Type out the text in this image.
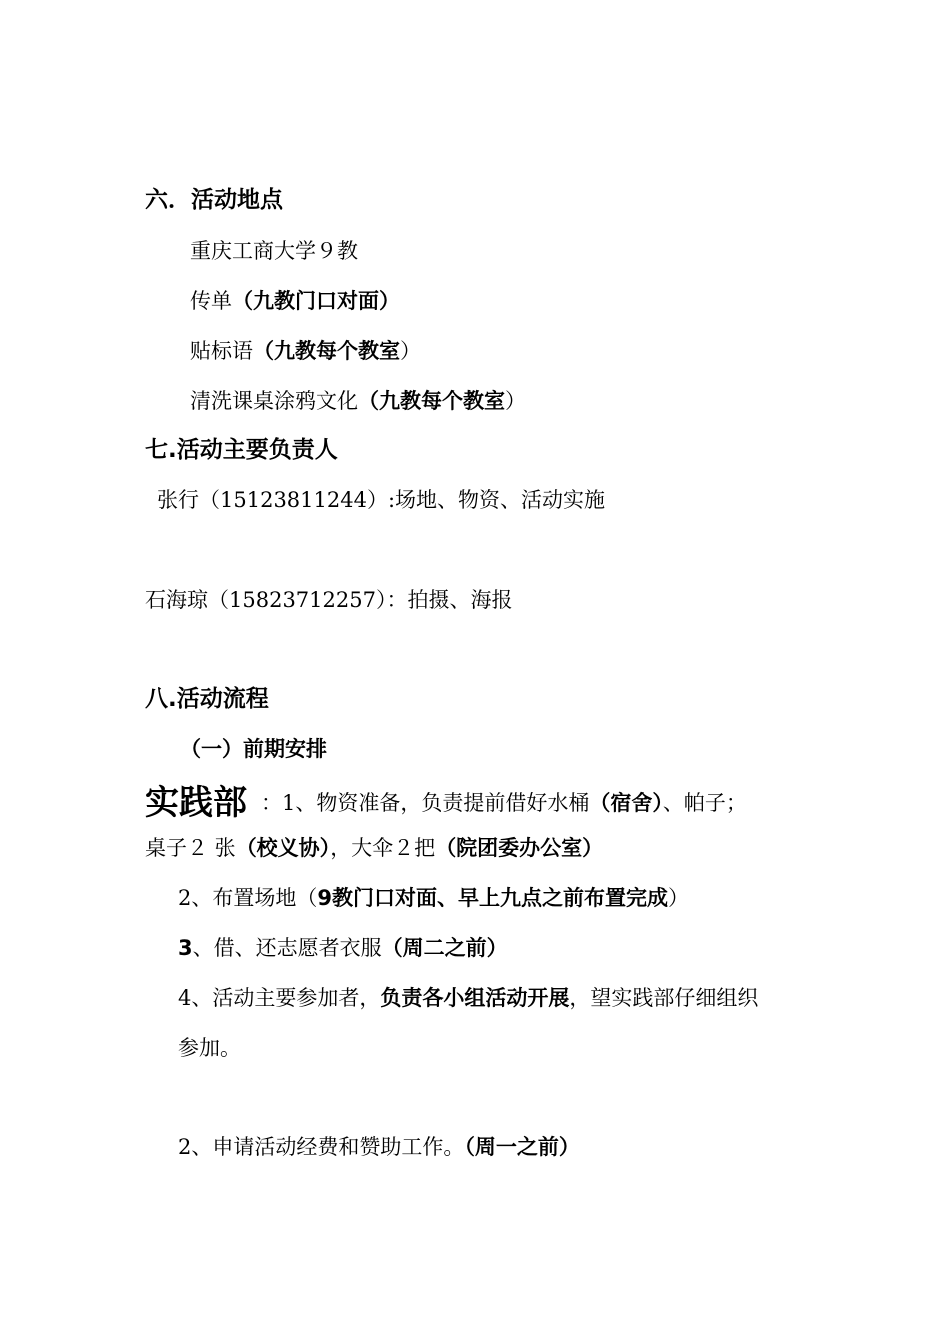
六．活动地点
重庆工商大学９教
传单（九教门口对面）
贴标语（九教每个教室）
清洗课桌涂鸦文化（九教每个教室）
七.活动主要负责人
张行（15123811244）:场地、物资、活动实施
石海琼（15823712257）：拍摄、海报
八.活动流程
（一）前期安排
实践部 ：1、物资准备，负责提前借好水桶（宿舍）、帕子；
桌子２ 张（校义协），大伞２把（院团委办公室）
2、布置场地（9教门口对面、早上九点之前布置完成）
3、借、还志愿者衣服（周二之前）
4、活动主要参加者，负责各小组活动开展，望实践部仔细组织
参加。
2、申请活动经费和赞助工作。（周一之前）
